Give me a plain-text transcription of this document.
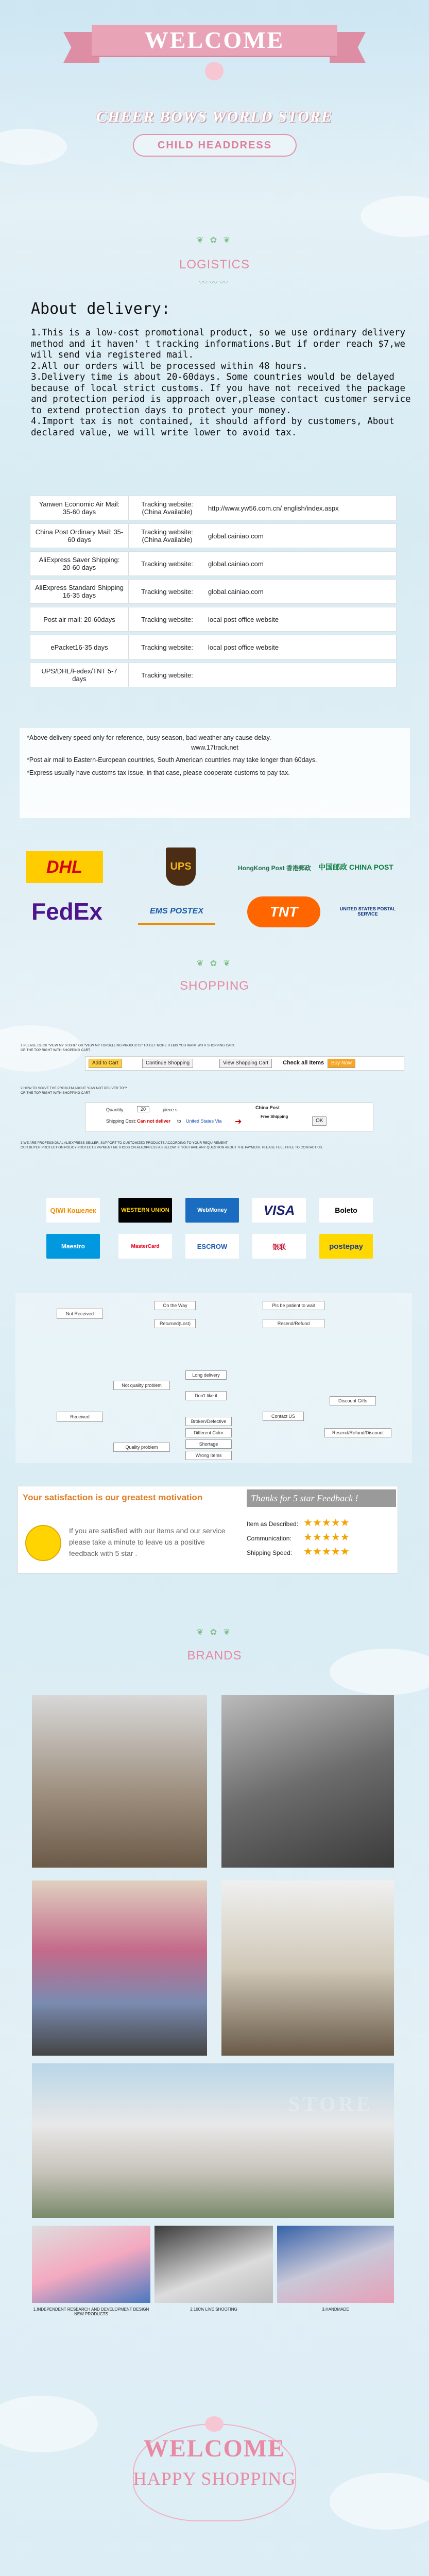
WELCOME
CHEER BOWS WORLD STORE
CHILD HEADDRESS
❦ ✿ ❦
LOGISTICS
〰〰〰
About delivery:

1.This is a low-cost promotional product, so we use ordinary delivery method and it haven' t tracking informations.But if order reach $7,we will send via registered mail.

2.All our orders will be processed within 48 hours.

3.Delivery time is about 20-60days. Some countries would be delayed because of local strict customs. If you have not received the package and protection period is approach over,please contact customer service to extend protection days to protect your money.

4.Import tax is not contained, it should afford by customers, About declared value, we will write lower to avoid tax.

Yanwen Economic Air Mail: 35-60 days	Tracking website: (China Available)	http://www.yw56.com.cn/ english/index.aspx
China Post Ordinary Mail: 35-60 days	Tracking website: (China Available)	global.cainiao.com
AliExpress Saver Shipping: 20-60 days	Tracking website:	global.cainiao.com
AliExpress Standard Shipping 16-35 days	Tracking website:	global.cainiao.com
Post air mail: 20-60days	Tracking website:	local post office website
ePacket16-35 days	Tracking website:	local post office website
UPS/DHL/Fedex/TNT 5-7 days	Tracking website:	

*Above delivery speed only for reference, busy season, bad weather any cause delay.

www.17track.net

*Post air mail to Eastern-European countries, South American countries may take longer than 60days.

*Express usually have customs tax issue, in that case, please cooperate customs to pay tax.

DHL	UPS	HongKong Post 香港郵政 中国邮政 CHINA POST
FedEx	EMS POSTEX	TNT	UNITED STATES POSTAL SERVICE
❦ ✿ ❦
SHOPPING
1.PLEASE CLICK "VIEW MY STORE" OR "VIEW MY TOPSELLING PRODUCTS" TO GET MORE ITEMS YOU WANT WITH SHOPPING CART.
OR THE TOP RIGHT WITH SHOPPING CART
Add to Cart	Continue Shopping	View Shopping Cart	Check all Items	Buy Now
2.HOW TO SOLVE THE PROBLEM ABOUT "CAN NOT DELIVER TO"?
OR THE TOP RIGHT WITH SHOPPING CART
Quantity:	20	piece s
Shipping Cost: Can not deliver to United States Via
China Post
Free Shipping
➜	OK
3.WE ARE PROFESSIONAL ALIEXPRESS SELLER, SUPPORT TO CUSTOMIZED PRODUCTS ACCORDING TO YOUR REQUIREMENT
OUR BUYER PROTECTION POLICY PROTECTS PAYMENT METHODS ON ALIEXPRESS AS BELOW. IF YOU HAVE ANY QUESTION ABOUT THE PAYMENT, PLEASE FEEL FREE TO CONTACT US.
QIWI Кошелек	WESTERN UNION	WebMoney	VISA	Boleto
Maestro	MasterCard	ESCROW	银联	postepay
Not Received
On the Way	Pls be patient to wait
Returned(Lost)	Resend/Refund
Received
Not quality problem
Long delivery
Don't like it
Quality problem
Broken/Defective
Different Color
Shortage
Wrong Items
Contact US
Discount Gifts
Resend/Refund/Discount
Your satisfaction is our greatest motivation	Thanks for 5 star Feedback !
If you are satisfied with our items and our service please take a minute to leave us a positive feedback with 5 star .
Item as Described: ★★★★★
Communication: ★★★★★
Shipping Speed: ★★★★★
❦ ✿ ❦
BRANDS
STORE
1.INDEPENDENT RESEARCH AND DEVELOPMENT DESIGN NEW PRODUCTS
2.100% LIVE SHOOTING	3.HANDMADE
WELCOME
HAPPY SHOPPING
